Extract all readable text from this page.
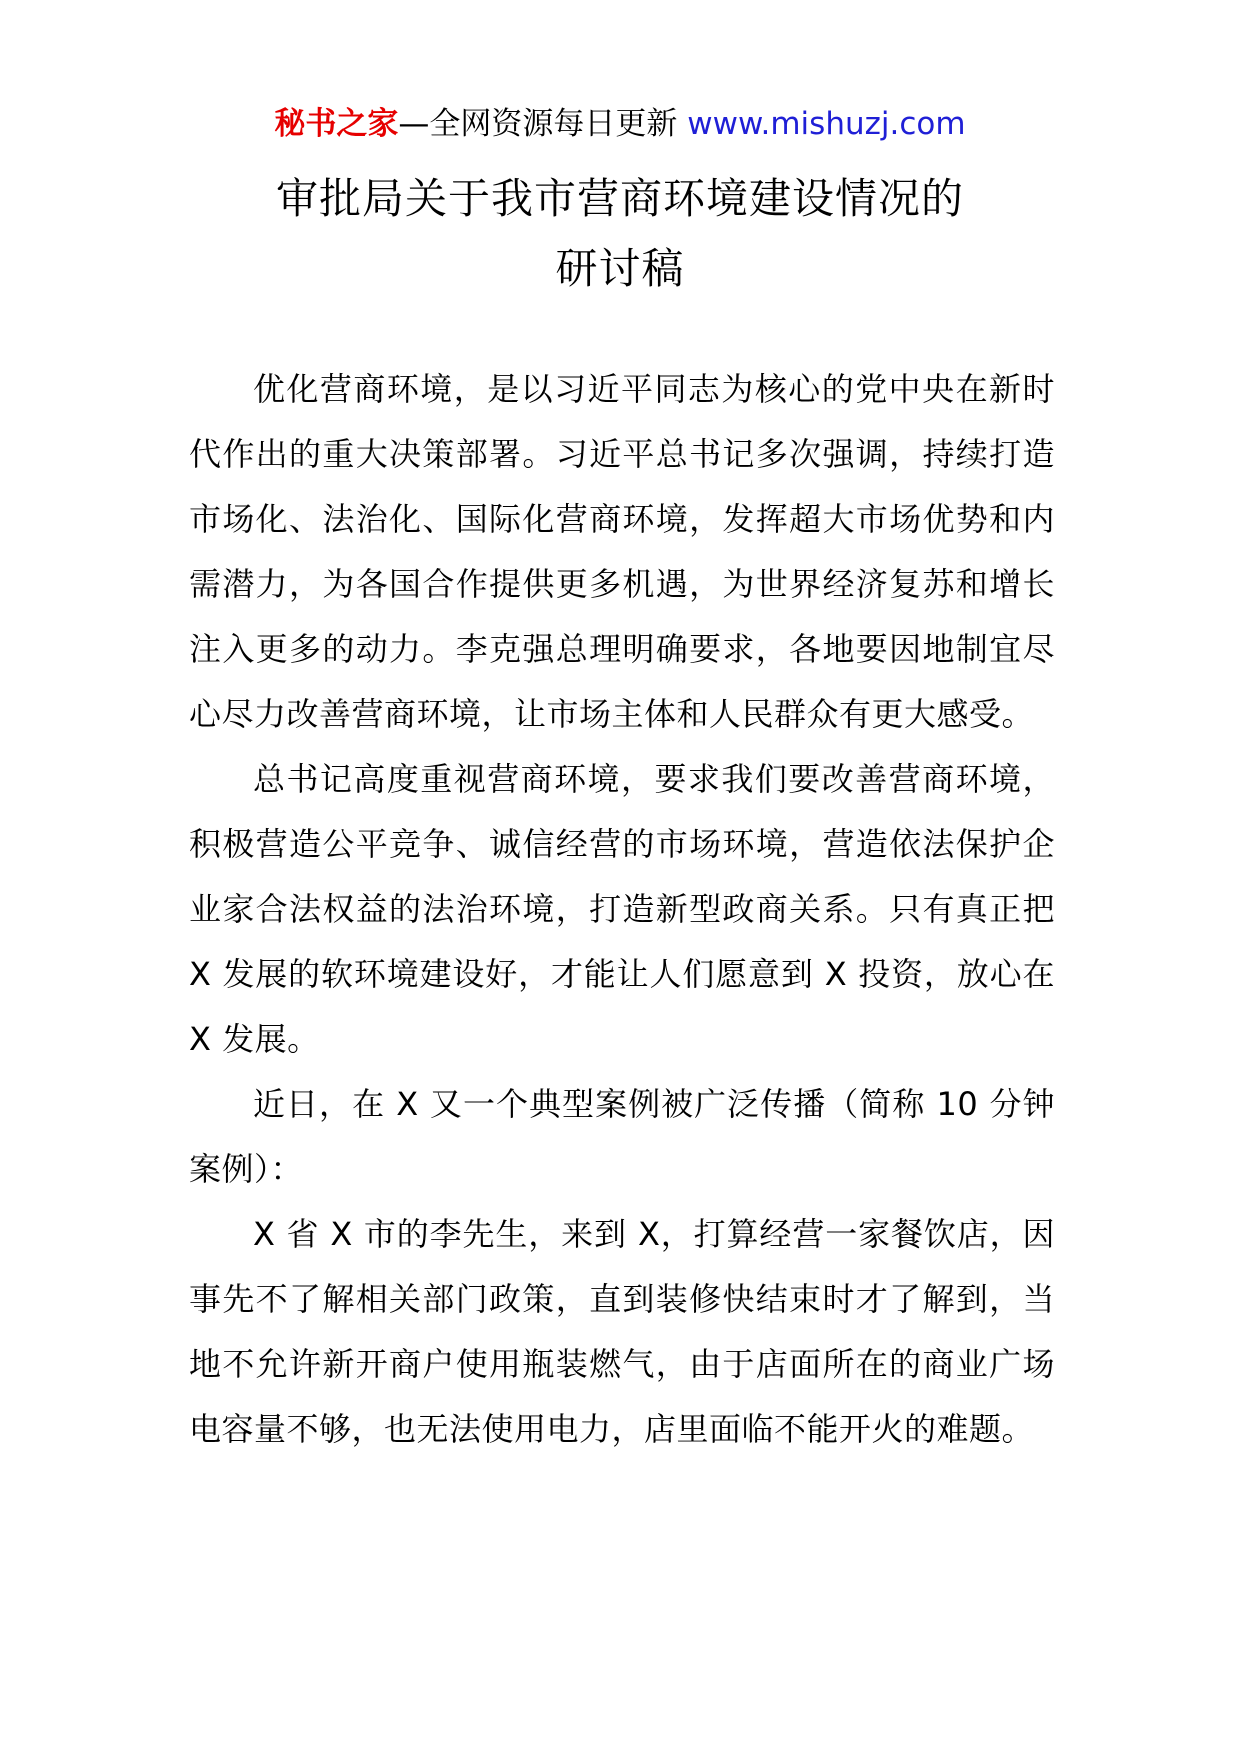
秘书之家—全网资源每日更新 www.mishuzj.com
审批局关于我市营商环境建设情况的
研讨稿

优化营商环境，是以习近平同志为核心的党中央在新时代作出的重大决策部署。习近平总书记多次强调，持续打造市场化、法治化、国际化营商环境，发挥超大市场优势和内需潜力，为各国合作提供更多机遇，为世界经济复苏和增长注入更多的动力。李克强总理明确要求，各地要因地制宜尽心尽力改善营商环境，让市场主体和人民群众有更大感受。

总书记高度重视营商环境，要求我们要改善营商环境，积极营造公平竞争、诚信经营的市场环境，营造依法保护企业家合法权益的法治环境，打造新型政商关系。只有真正把 X 发展的软环境建设好，才能让人们愿意到 X 投资，放心在 X 发展。

近日，在 X 又一个典型案例被广泛传播（简称 10 分钟案例）：

X 省 X 市的李先生，来到 X，打算经营一家餐饮店，因事先不了解相关部门政策，直到装修快结束时才了解到，当地不允许新开商户使用瓶装燃气，由于店面所在的商业广场电容量不够，也无法使用电力，店里面临不能开火的难题。
